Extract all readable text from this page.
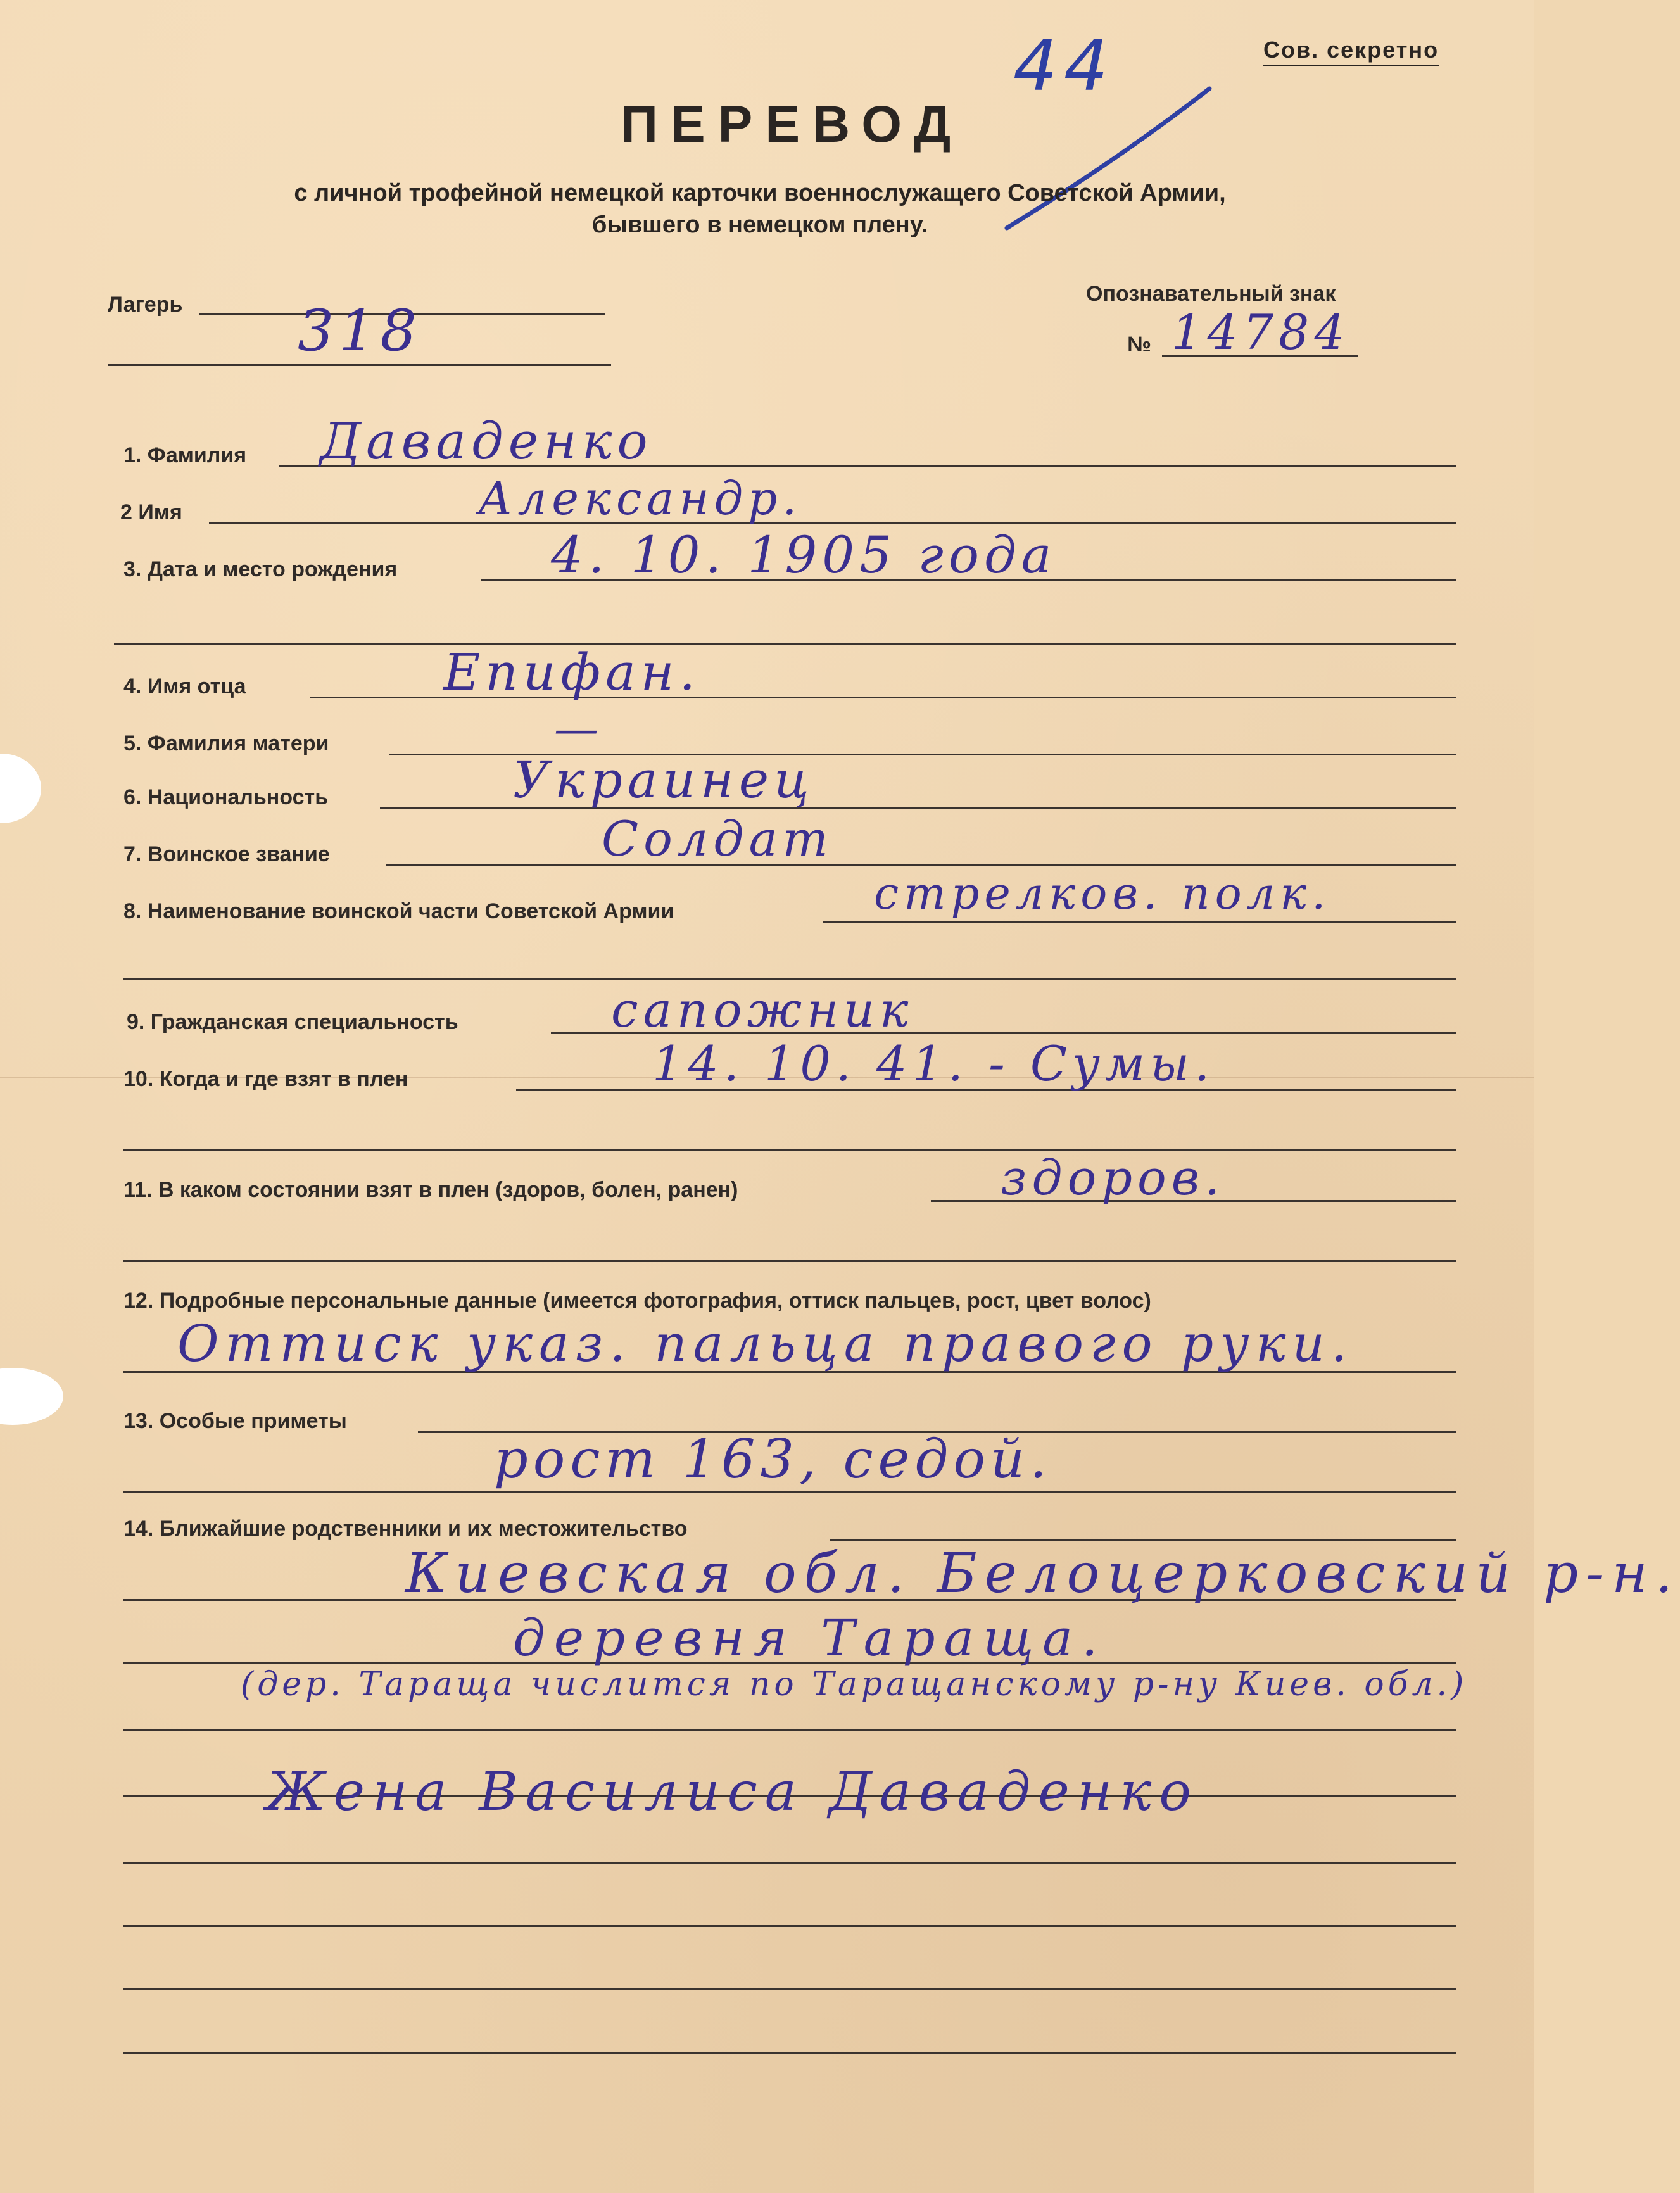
Сов. секретно
44
ПЕРЕВОД
с личной трофейной немецкой карточки военнослужащего Советской Армии,
бывшего в немецком плену.
Лагерь 318
Опознавательный знак
№ 14784
1. Фамилия Даваденко
2 Имя	Александр.
3. Дата и место рождения	4. 10. 1905 года
4. Имя отца	Епифан.
5. Фамилия матери	—
6. Национальность	Украинец
7. Воинское звание	Солдат
8. Наименование воинской части Советской Армии	стрелков. полк.
9. Гражданская специальность	сапожник
10. Когда и где взят в плен	14. 10. 41. - Сумы.
11. В каком состоянии взят в плен (здоров, болен, ранен)	здоров.
12. Подробные персональные данные (имеется фотография, оттиск пальцев, рост, цвет волос)
Оттиск указ. пальца правого руки.
13. Особые приметы
рост 163, седой.
14. Ближайшие родственники и их местожительство
Киевская обл. Белоцерковский р-н.
деревня Тараща.
(дер. Тараща числится по Таращанскому р-ну Киев. обл.)
Жена Василиса Даваденко
